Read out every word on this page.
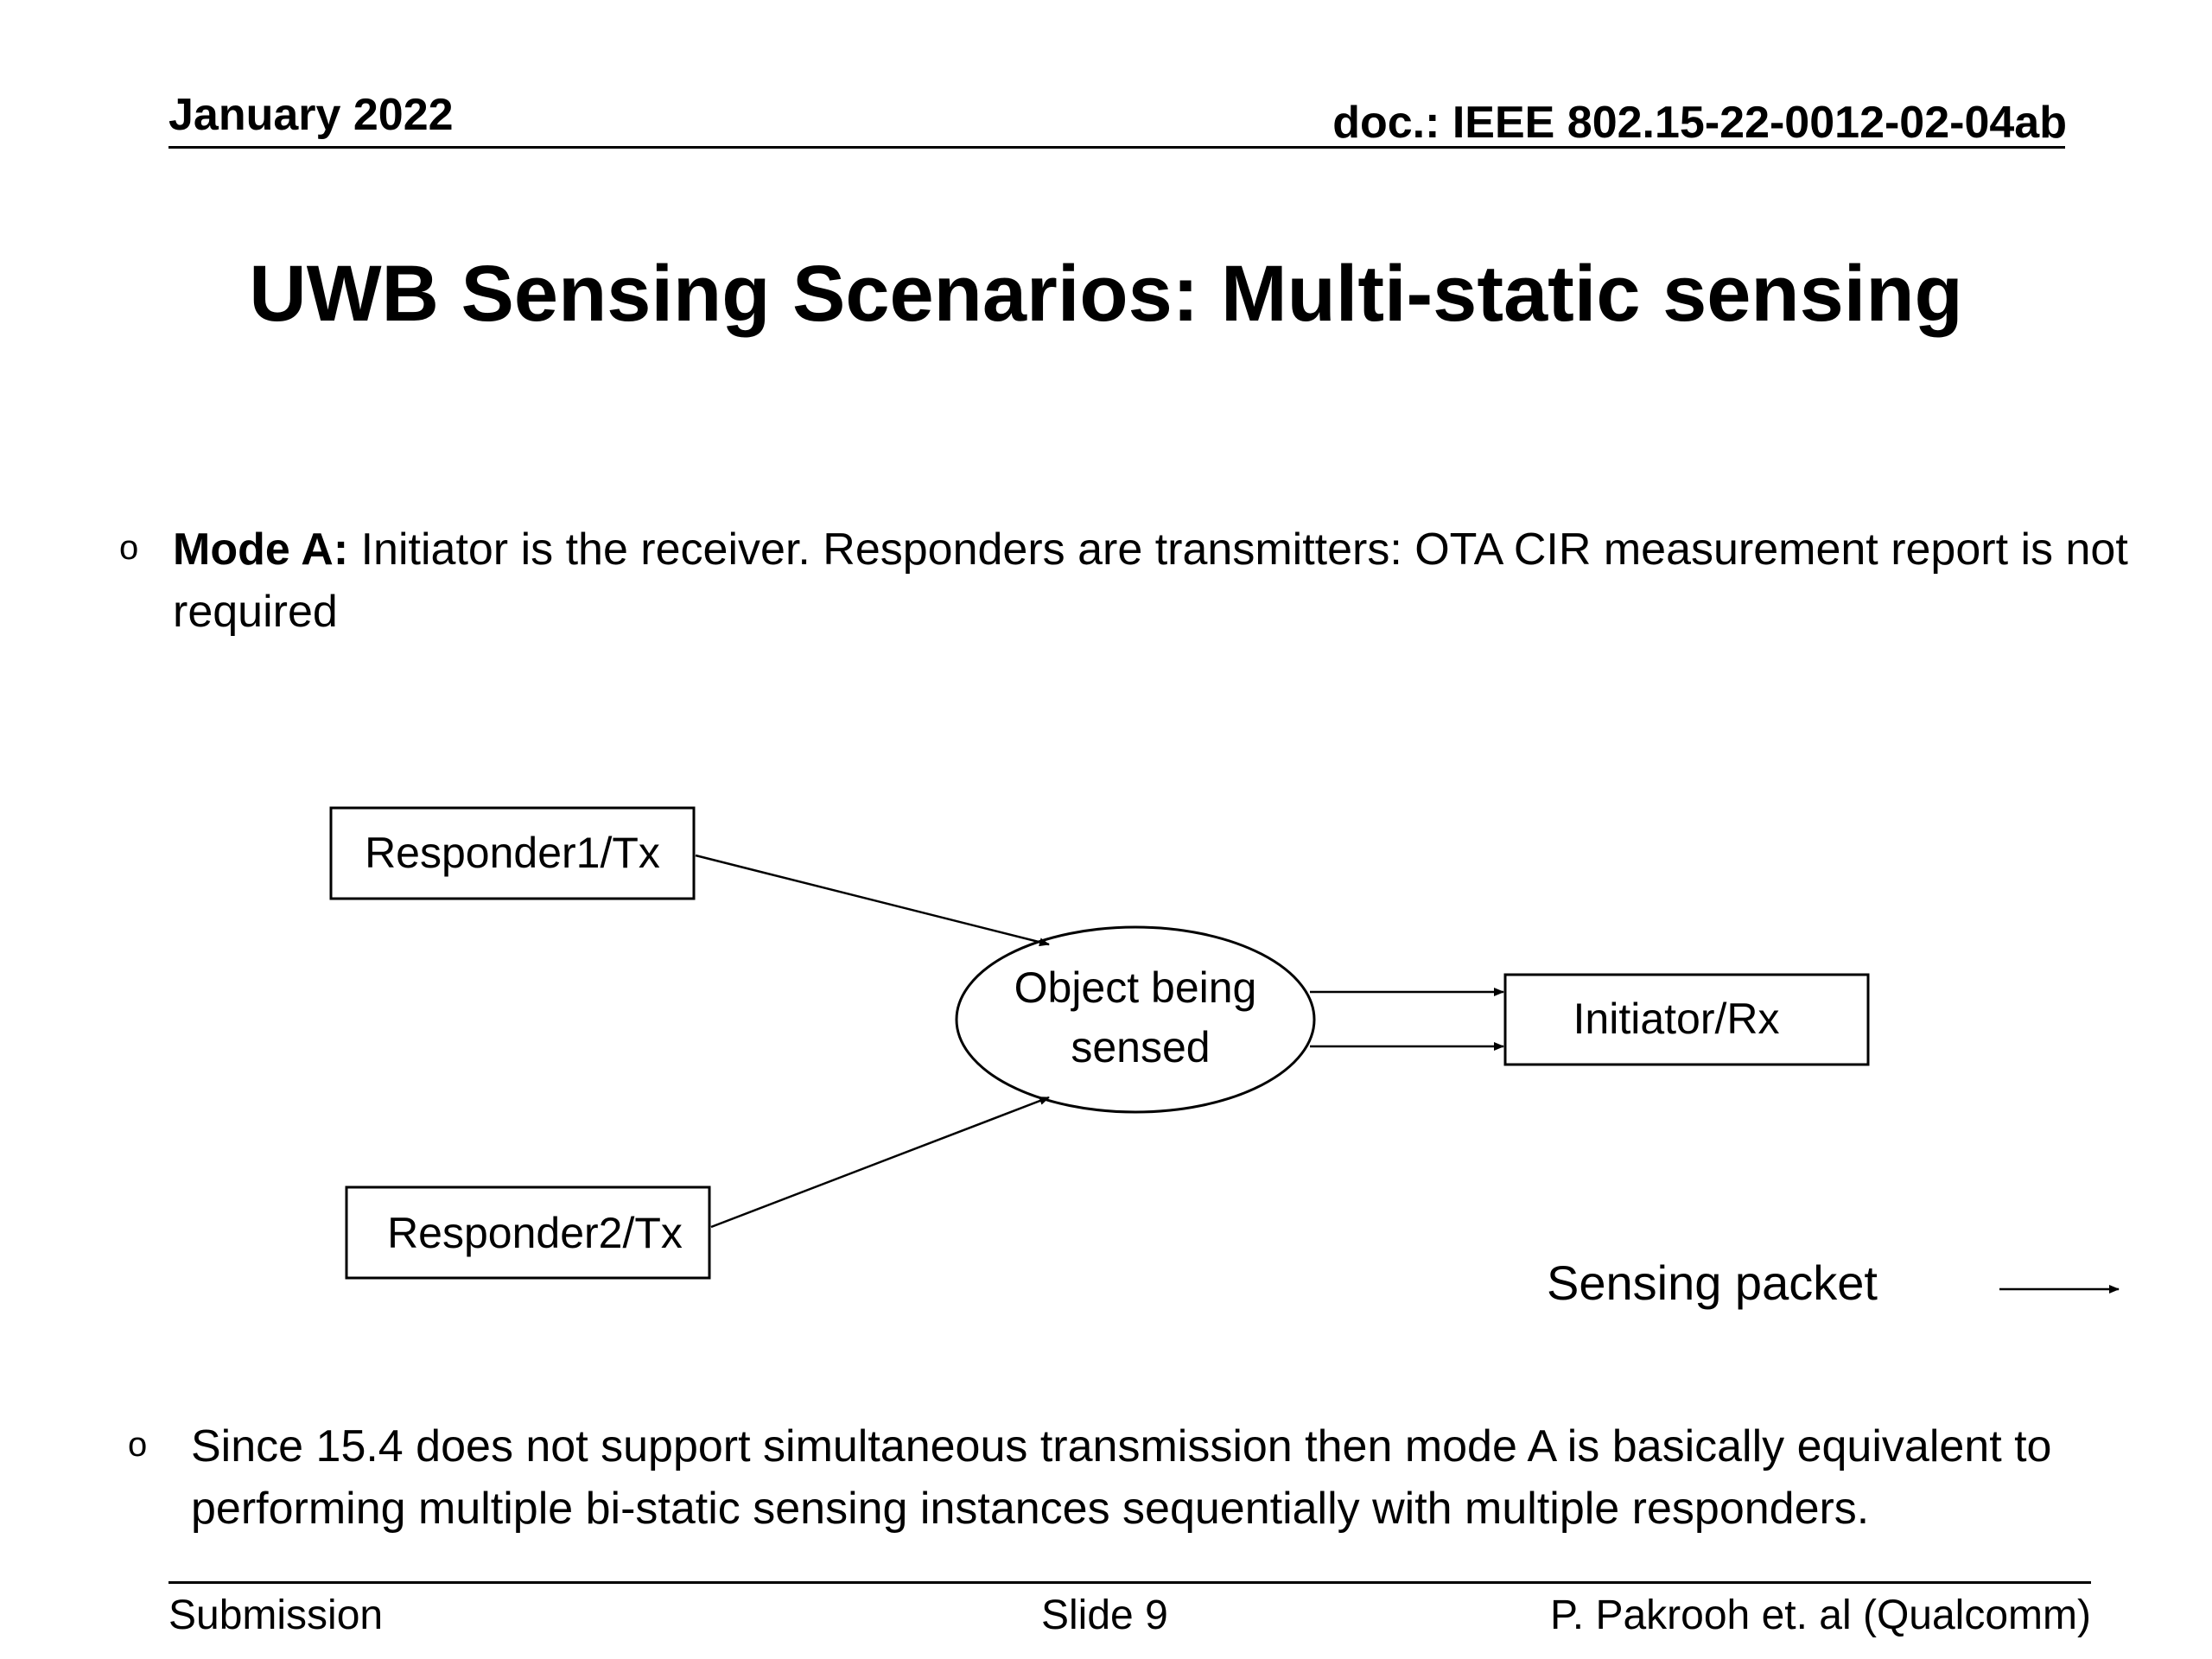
January 2022	doc.: IEEE 802.15-22-0012-02-04ab
UWB Sensing Scenarios: Multi-static sensing
o Mode A: Initiator is the receiver. Responders are transmitters: OTA CIR measurement report is not required
Responder1/Tx
Responder2/Tx
Initiator/Rx
Object being
sensed
Sensing packet
o Since 15.4 does not support simultaneous transmission then mode A is basically equivalent to performing multiple bi-static sensing instances sequentially with multiple responders.
Submission	Slide 9	P. Pakrooh et. al (Qualcomm)
